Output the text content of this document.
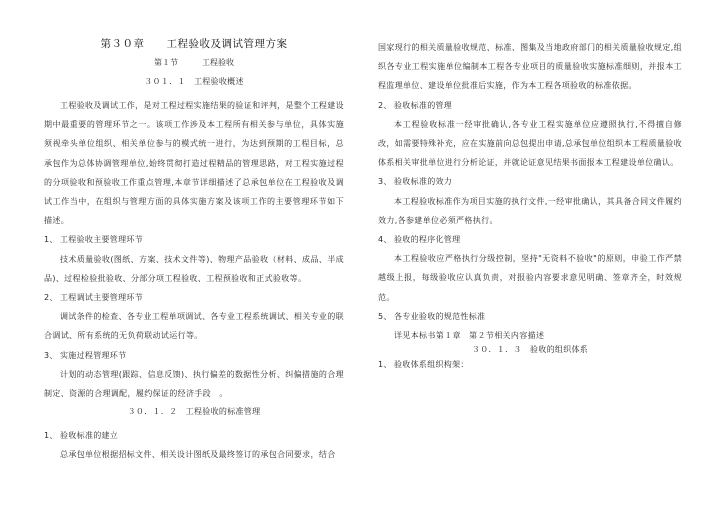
第３０章　　工程验收及调试管理方案

第１节　　　工程验收

３０１．１　工程验收概述

工程验收及调试工作，是对工程过程实施结果的验证和评判，是整个工程建设期中最重要的管理环节之一。该项工作涉及本工程所有相关参与单位，具体实施须视牵头单位组织、相关单位参与的模式统一进行，为达到预期的工程目标，总承包作为总体协调管理单位,始终贯彻打造过程精品的管理思路，对工程实施过程的分项验收和预验收工作重点管理,本章节详细描述了总承包单位在工程验收及调试工作当中，在组织与管理方面的具体实施方案及该项工作的主要管理环节如下描述。

1、 工程验收主要管理环节

技术质量验收(图纸、方案、技术文件等)、物理产品验收（材料、成品、半成品)、过程检验批验收、分部分项工程验收、工程预验收和正式验收等。

2、 工程调试主要管理环节

调试条件的检查、各专业工程单项调试、各专业工程系统调试、相关专业的联合调试、所有系统的无负荷联动试运行等。

3、 实施过程管理环节

计划的动态管理(跟踪、信息反馈)、执行偏差的数据性分析、纠偏措施的合理制定、资源的合理调配，履约保证的经济手段　。

３０．１．２　工程验收的标准管理

1、 验收标准的建立

总承包单位根据招标文件、相关设计图纸及最终签订的承包合同要求，结合

国家现行的相关质量验收规范、标准、图集及当地政府部门的相关质量验收规定,组织各专业工程实施单位编制本工程各专业项目的质量验收实施标准细则，并报本工程监理单位、建设单位批准后实施，作为本工程各项验收的标准依据。

2、 验收标准的管理

本工程验收标准一经审批确认,各专业工程实施单位应遵照执行,不得擅自修改，如需要特殊补充，应在实施前向总包提出申请,总承包单位组织本工程质量验收体系相关审批单位进行分析论证，并就论证意见结果书面报本工程建设单位确认。

3、 验收标准的效力

本工程验收标准作为项目实施的执行文件,一经审批确认，其具备合同文件履约效力,各参建单位必须严格执行。

4、 验收的程序化管理

本工程验收应严格执行分级控制，坚持"无资料不验收"的原则，申验工作严禁越级上报，每级验收应认真负责，对报验内容要求意见明确、签章齐全，时效规范。

5、 各专业验收的规范性标准

详见本标书第１章　第２节相关内容描述

３０．１．３　验收的组织体系

1、 验收体系组织构架：
